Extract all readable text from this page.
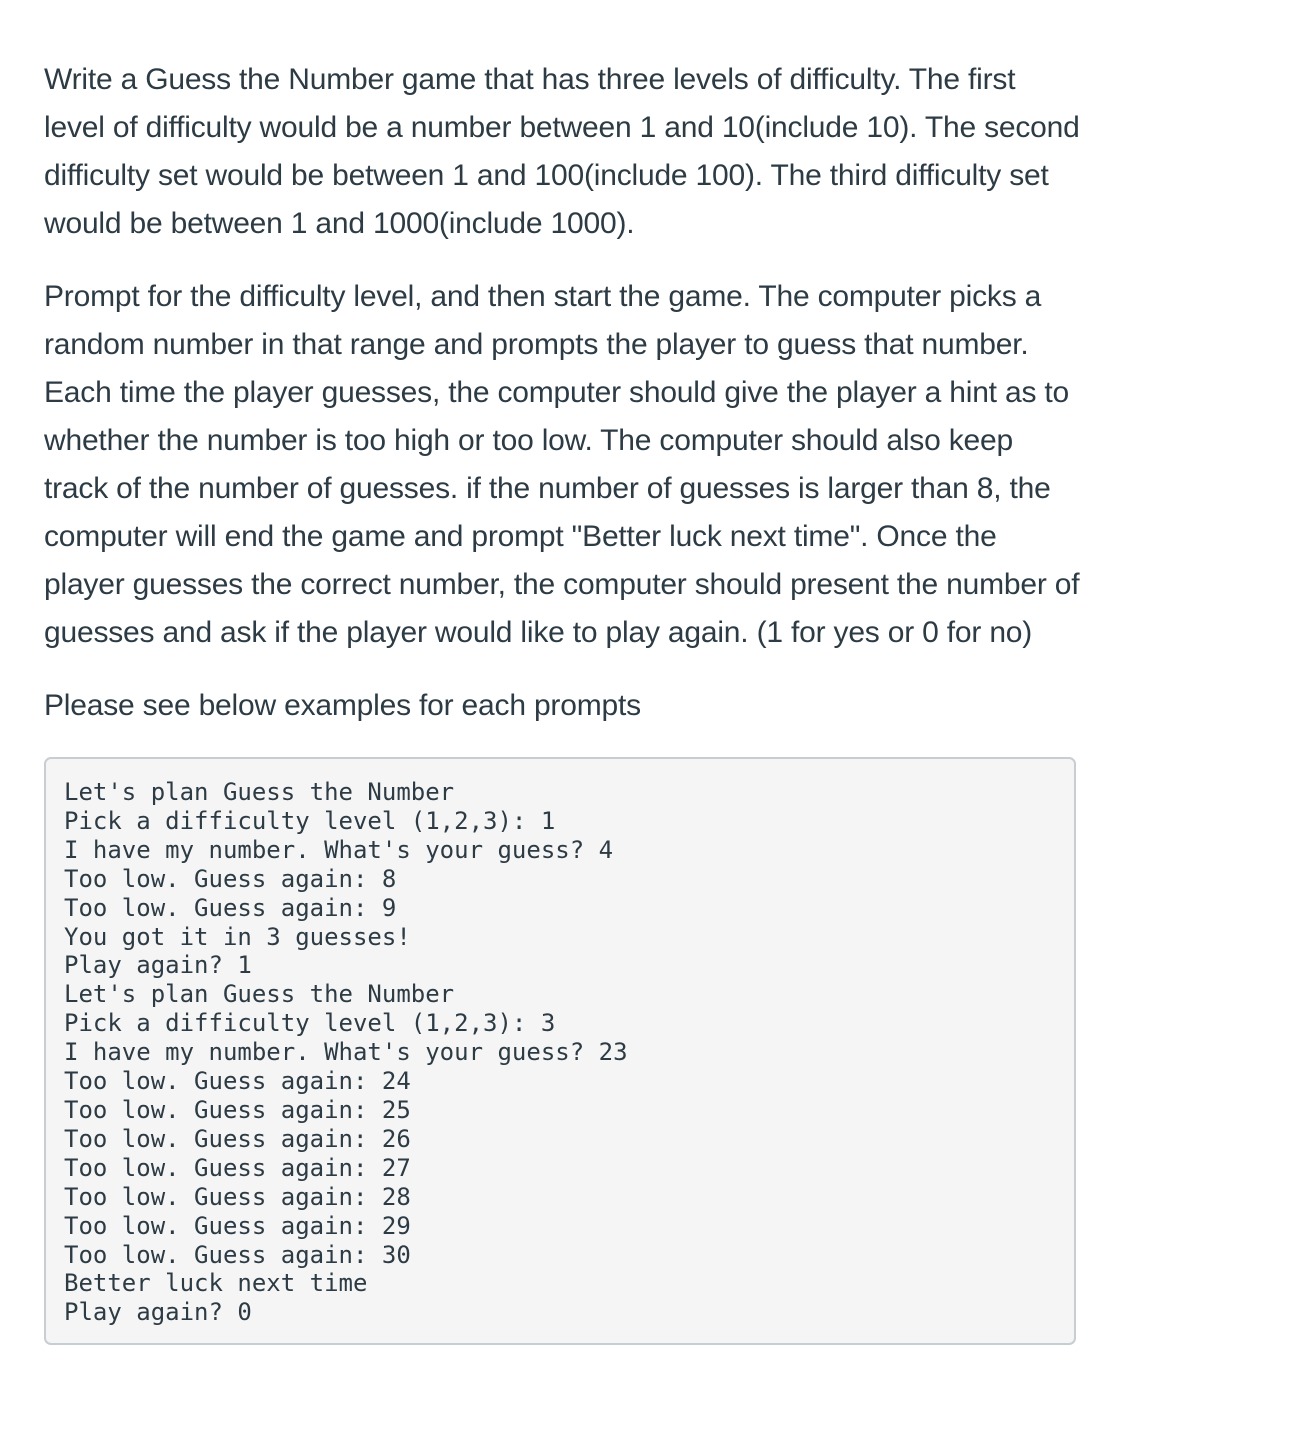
Write a Guess the Number game that has three levels of difficulty. The first level of difficulty would be a number between 1 and 10(include 10). The second difficulty set would be between 1 and 100(include 100). The third difficulty set would be between 1 and 1000(include 1000).

Prompt for the difficulty level, and then start the game. The computer picks a random number in that range and prompts the player to guess that number. Each time the player guesses, the computer should give the player a hint as to whether the number is too high or too low. The computer should also keep track of the number of guesses. if the number of guesses is larger than 8, the computer will end the game and prompt "Better luck next time". Once the player guesses the correct number, the computer should present the number of guesses and ask if the player would like to play again. (1 for yes or 0 for no)

Please see below examples for each prompts

Let's plan Guess the Number
Pick a difficulty level (1,2,3): 1
I have my number. What's your guess? 4
Too low. Guess again: 8
Too low. Guess again: 9
You got it in 3 guesses!
Play again? 1
Let's plan Guess the Number
Pick a difficulty level (1,2,3): 3
I have my number. What's your guess? 23
Too low. Guess again: 24
Too low. Guess again: 25
Too low. Guess again: 26
Too low. Guess again: 27
Too low. Guess again: 28
Too low. Guess again: 29
Too low. Guess again: 30
Better luck next time
Play again? 0
